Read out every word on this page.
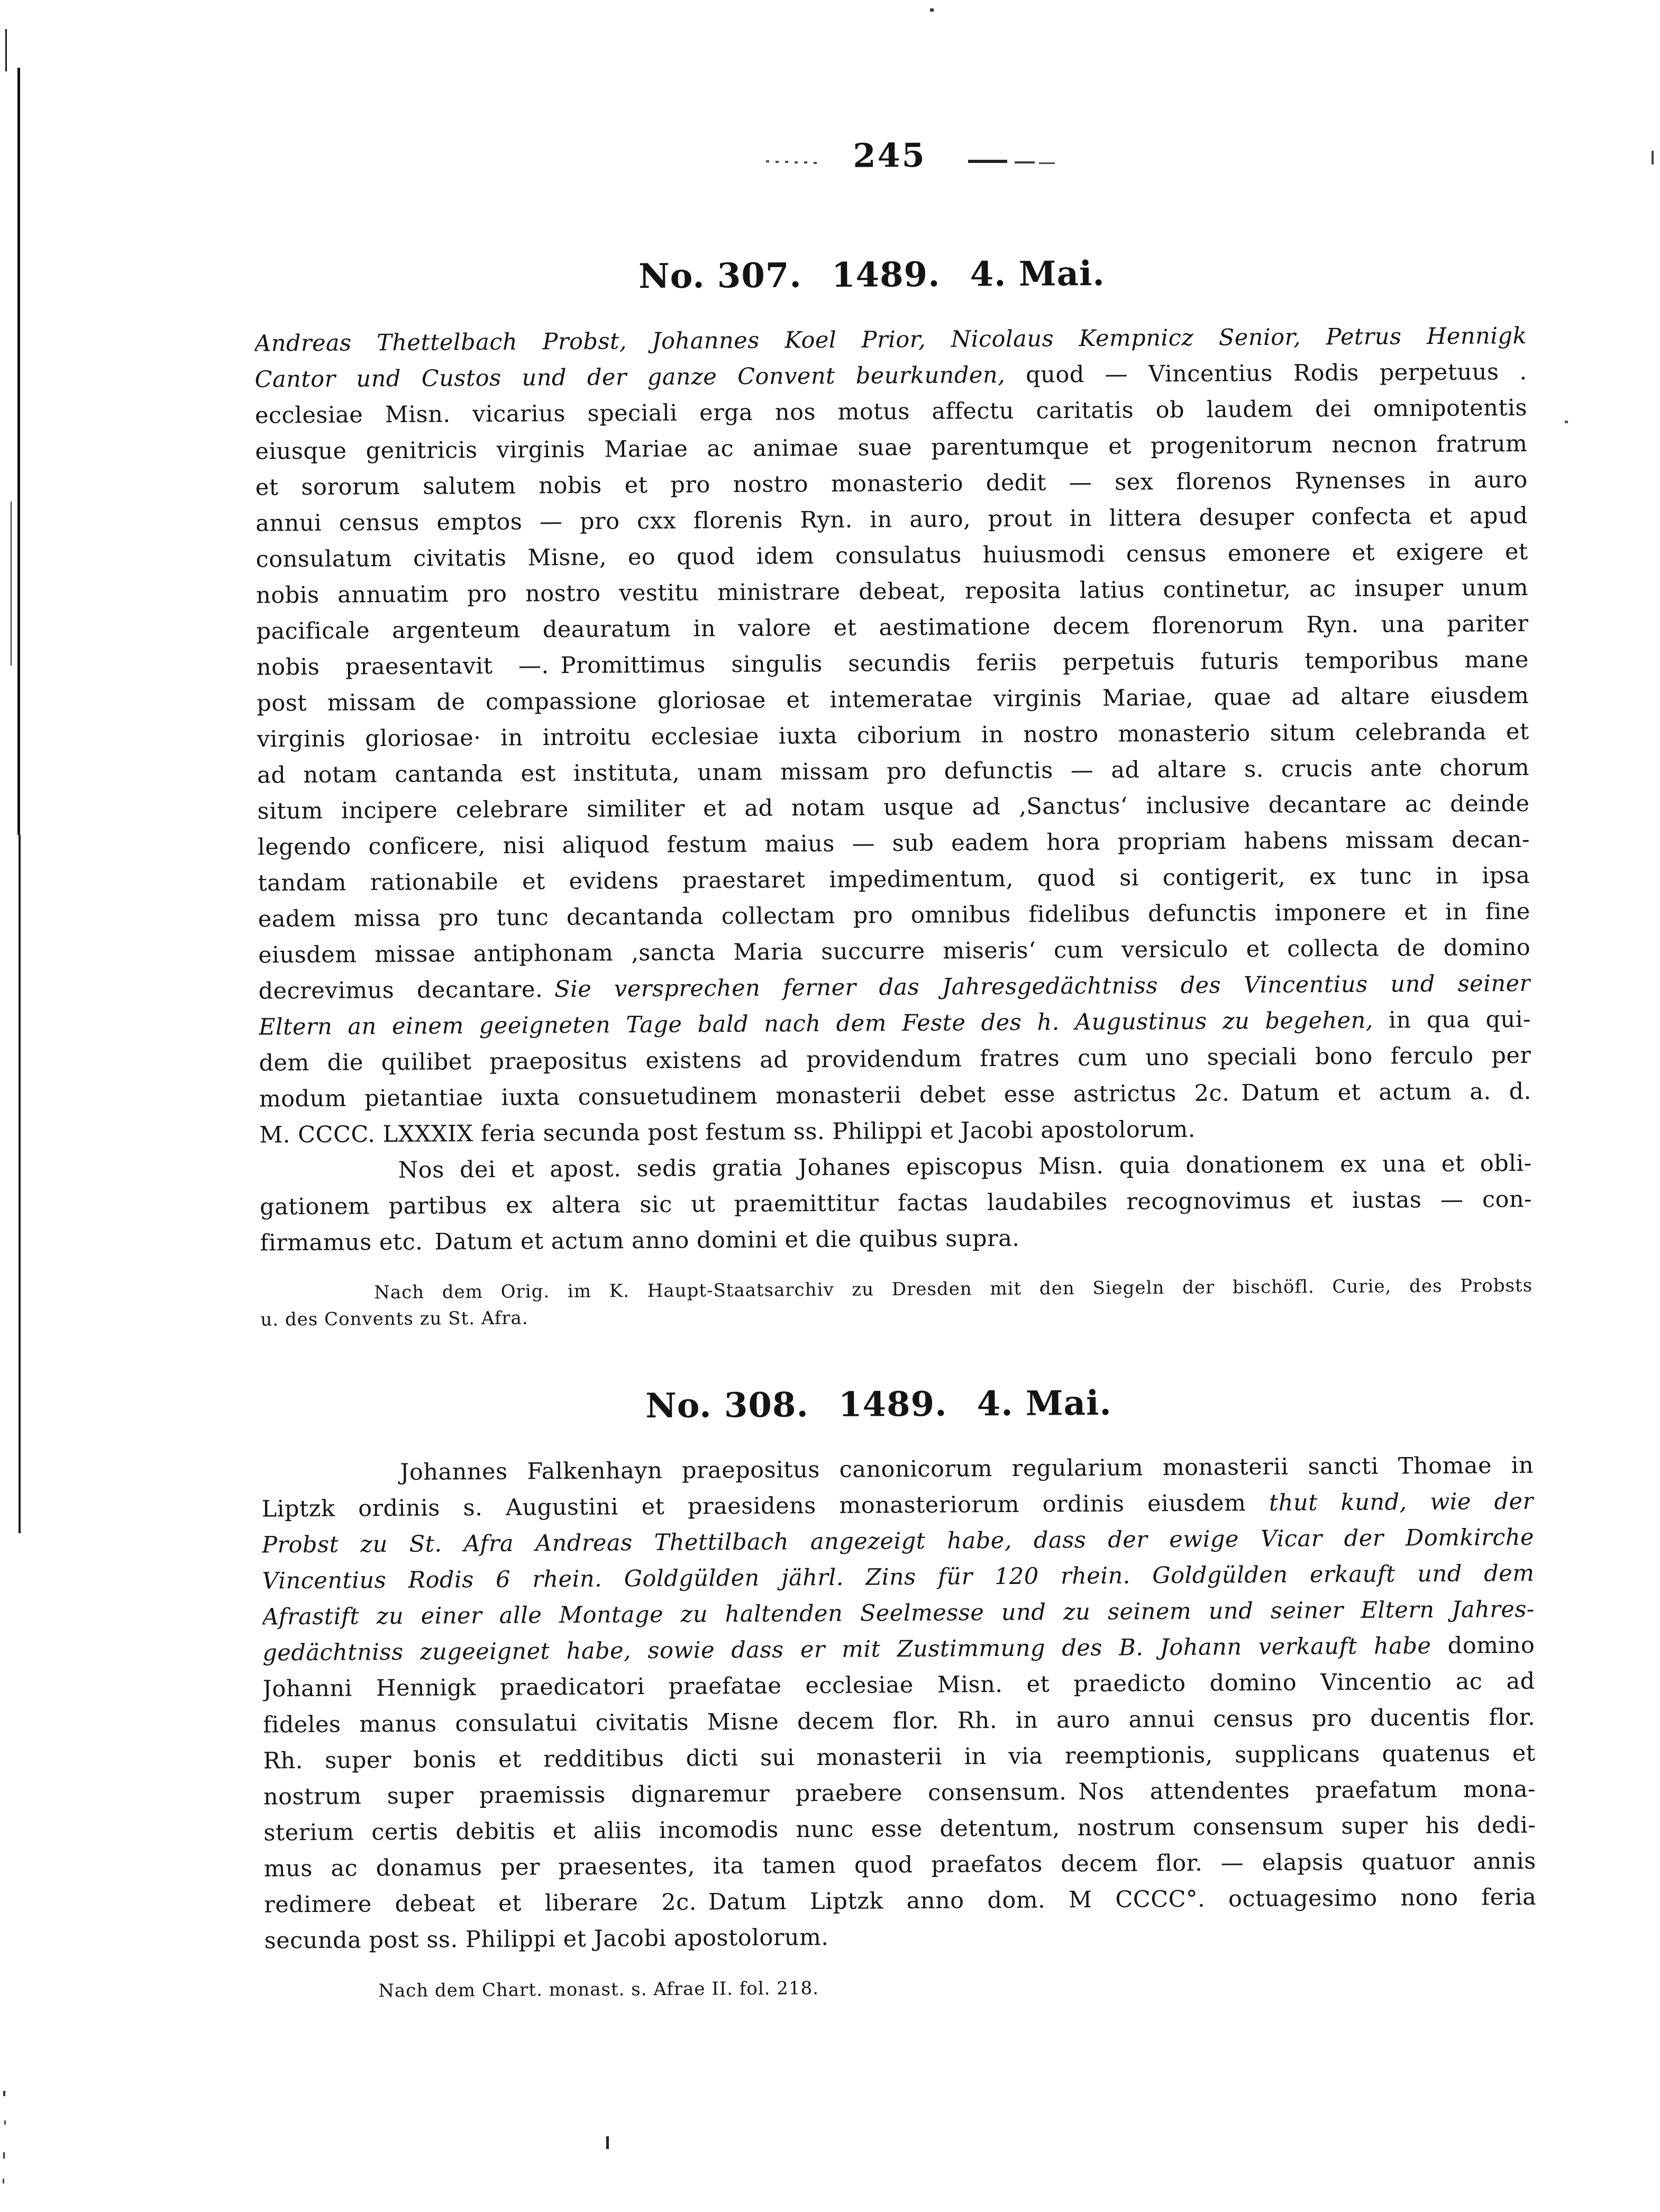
245
No. 307.  1489.  4. Mai.
Andreas Thettelbach Probst, Johannes Koel Prior, Nicolaus Kempnicz Senior, Petrus Hennigk
Cantor und Custos und der ganze Convent beurkunden, quod — Vincentius Rodis perpetuus .
ecclesiae Misn. vicarius speciali erga nos motus affectu caritatis ob laudem dei omnipotentis
eiusque genitricis virginis Mariae ac animae suae parentumque et progenitorum necnon fratrum
et sororum salutem nobis et pro nostro monasterio dedit — sex florenos Rynenses in auro
annui census emptos — pro cxx florenis Ryn. in auro, prout in littera desuper confecta et apud
consulatum civitatis Misne, eo quod idem consulatus huiusmodi census emonere et exigere et
nobis annuatim pro nostro vestitu ministrare debeat, reposita latius continetur, ac insuper unum
pacificale argenteum deauratum in valore et aestimatione decem florenorum Ryn. una pariter
nobis praesentavit —. Promittimus singulis secundis feriis perpetuis futuris temporibus mane
post missam de compassione gloriosae et intemeratae virginis Mariae, quae ad altare eiusdem
virginis gloriosae· in introitu ecclesiae iuxta ciborium in nostro monasterio situm celebranda et
ad notam cantanda est instituta, unam missam pro defunctis — ad altare s. crucis ante chorum
situm incipere celebrare similiter et ad notam usque ad ‚Sanctus‘ inclusive decantare ac deinde
legendo conficere, nisi aliquod festum maius — sub eadem hora propriam habens missam decan-
tandam rationabile et evidens praestaret impedimentum, quod si contigerit, ex tunc in ipsa
eadem missa pro tunc decantanda collectam pro omnibus fidelibus defunctis imponere et in fine
eiusdem missae antiphonam ‚sancta Maria succurre miseris‘ cum versiculo et collecta de domino
decrevimus decantare. Sie versprechen ferner das Jahresgedächtniss des Vincentius und seiner
Eltern an einem geeigneten Tage bald nach dem Feste des h. Augustinus zu begehen, in qua qui-
dem die quilibet praepositus existens ad providendum fratres cum uno speciali bono ferculo per
modum pietantiae iuxta consuetudinem monasterii debet esse astrictus 2c. Datum et actum a. d.
M. CCCC. LXXXIX feria secunda post festum ss. Philippi et Jacobi apostolorum.
Nos dei et apost. sedis gratia Johanes episcopus Misn. quia donationem ex una et obli-
gationem partibus ex altera sic ut praemittitur factas laudabiles recognovimus et iustas — con-
firmamus etc. Datum et actum anno domini et die quibus supra.
Nach dem Orig. im K. Haupt-Staatsarchiv zu Dresden mit den Siegeln der bischöfl. Curie, des Probsts
u. des Convents zu St. Afra.
No. 308.  1489.  4. Mai.
Johannes Falkenhayn praepositus canonicorum regularium monasterii sancti Thomae in
Liptzk ordinis s. Augustini et praesidens monasteriorum ordinis eiusdem thut kund, wie der
Probst zu St. Afra Andreas Thettilbach angezeigt habe, dass der ewige Vicar der Domkirche
Vincentius Rodis 6 rhein. Goldgülden jährl. Zins für 120 rhein. Goldgülden erkauft und dem
Afrastift zu einer alle Montage zu haltenden Seelmesse und zu seinem und seiner Eltern Jahres-
gedächtniss zugeeignet habe, sowie dass er mit Zustimmung des B. Johann verkauft habe domino
Johanni Hennigk praedicatori praefatae ecclesiae Misn. et praedicto domino Vincentio ac ad
fideles manus consulatui civitatis Misne decem flor. Rh. in auro annui census pro ducentis flor.
Rh. super bonis et redditibus dicti sui monasterii in via reemptionis, supplicans quatenus et
nostrum super praemissis dignaremur praebere consensum. Nos attendentes praefatum mona-
sterium certis debitis et aliis incomodis nunc esse detentum, nostrum consensum super his dedi-
mus ac donamus per praesentes, ita tamen quod praefatos decem flor. — elapsis quatuor annis
redimere debeat et liberare 2c. Datum Liptzk anno dom. M CCCC°. octuagesimo nono feria
secunda post ss. Philippi et Jacobi apostolorum.
Nach dem Chart. monast. s. Afrae II. fol. 218.
